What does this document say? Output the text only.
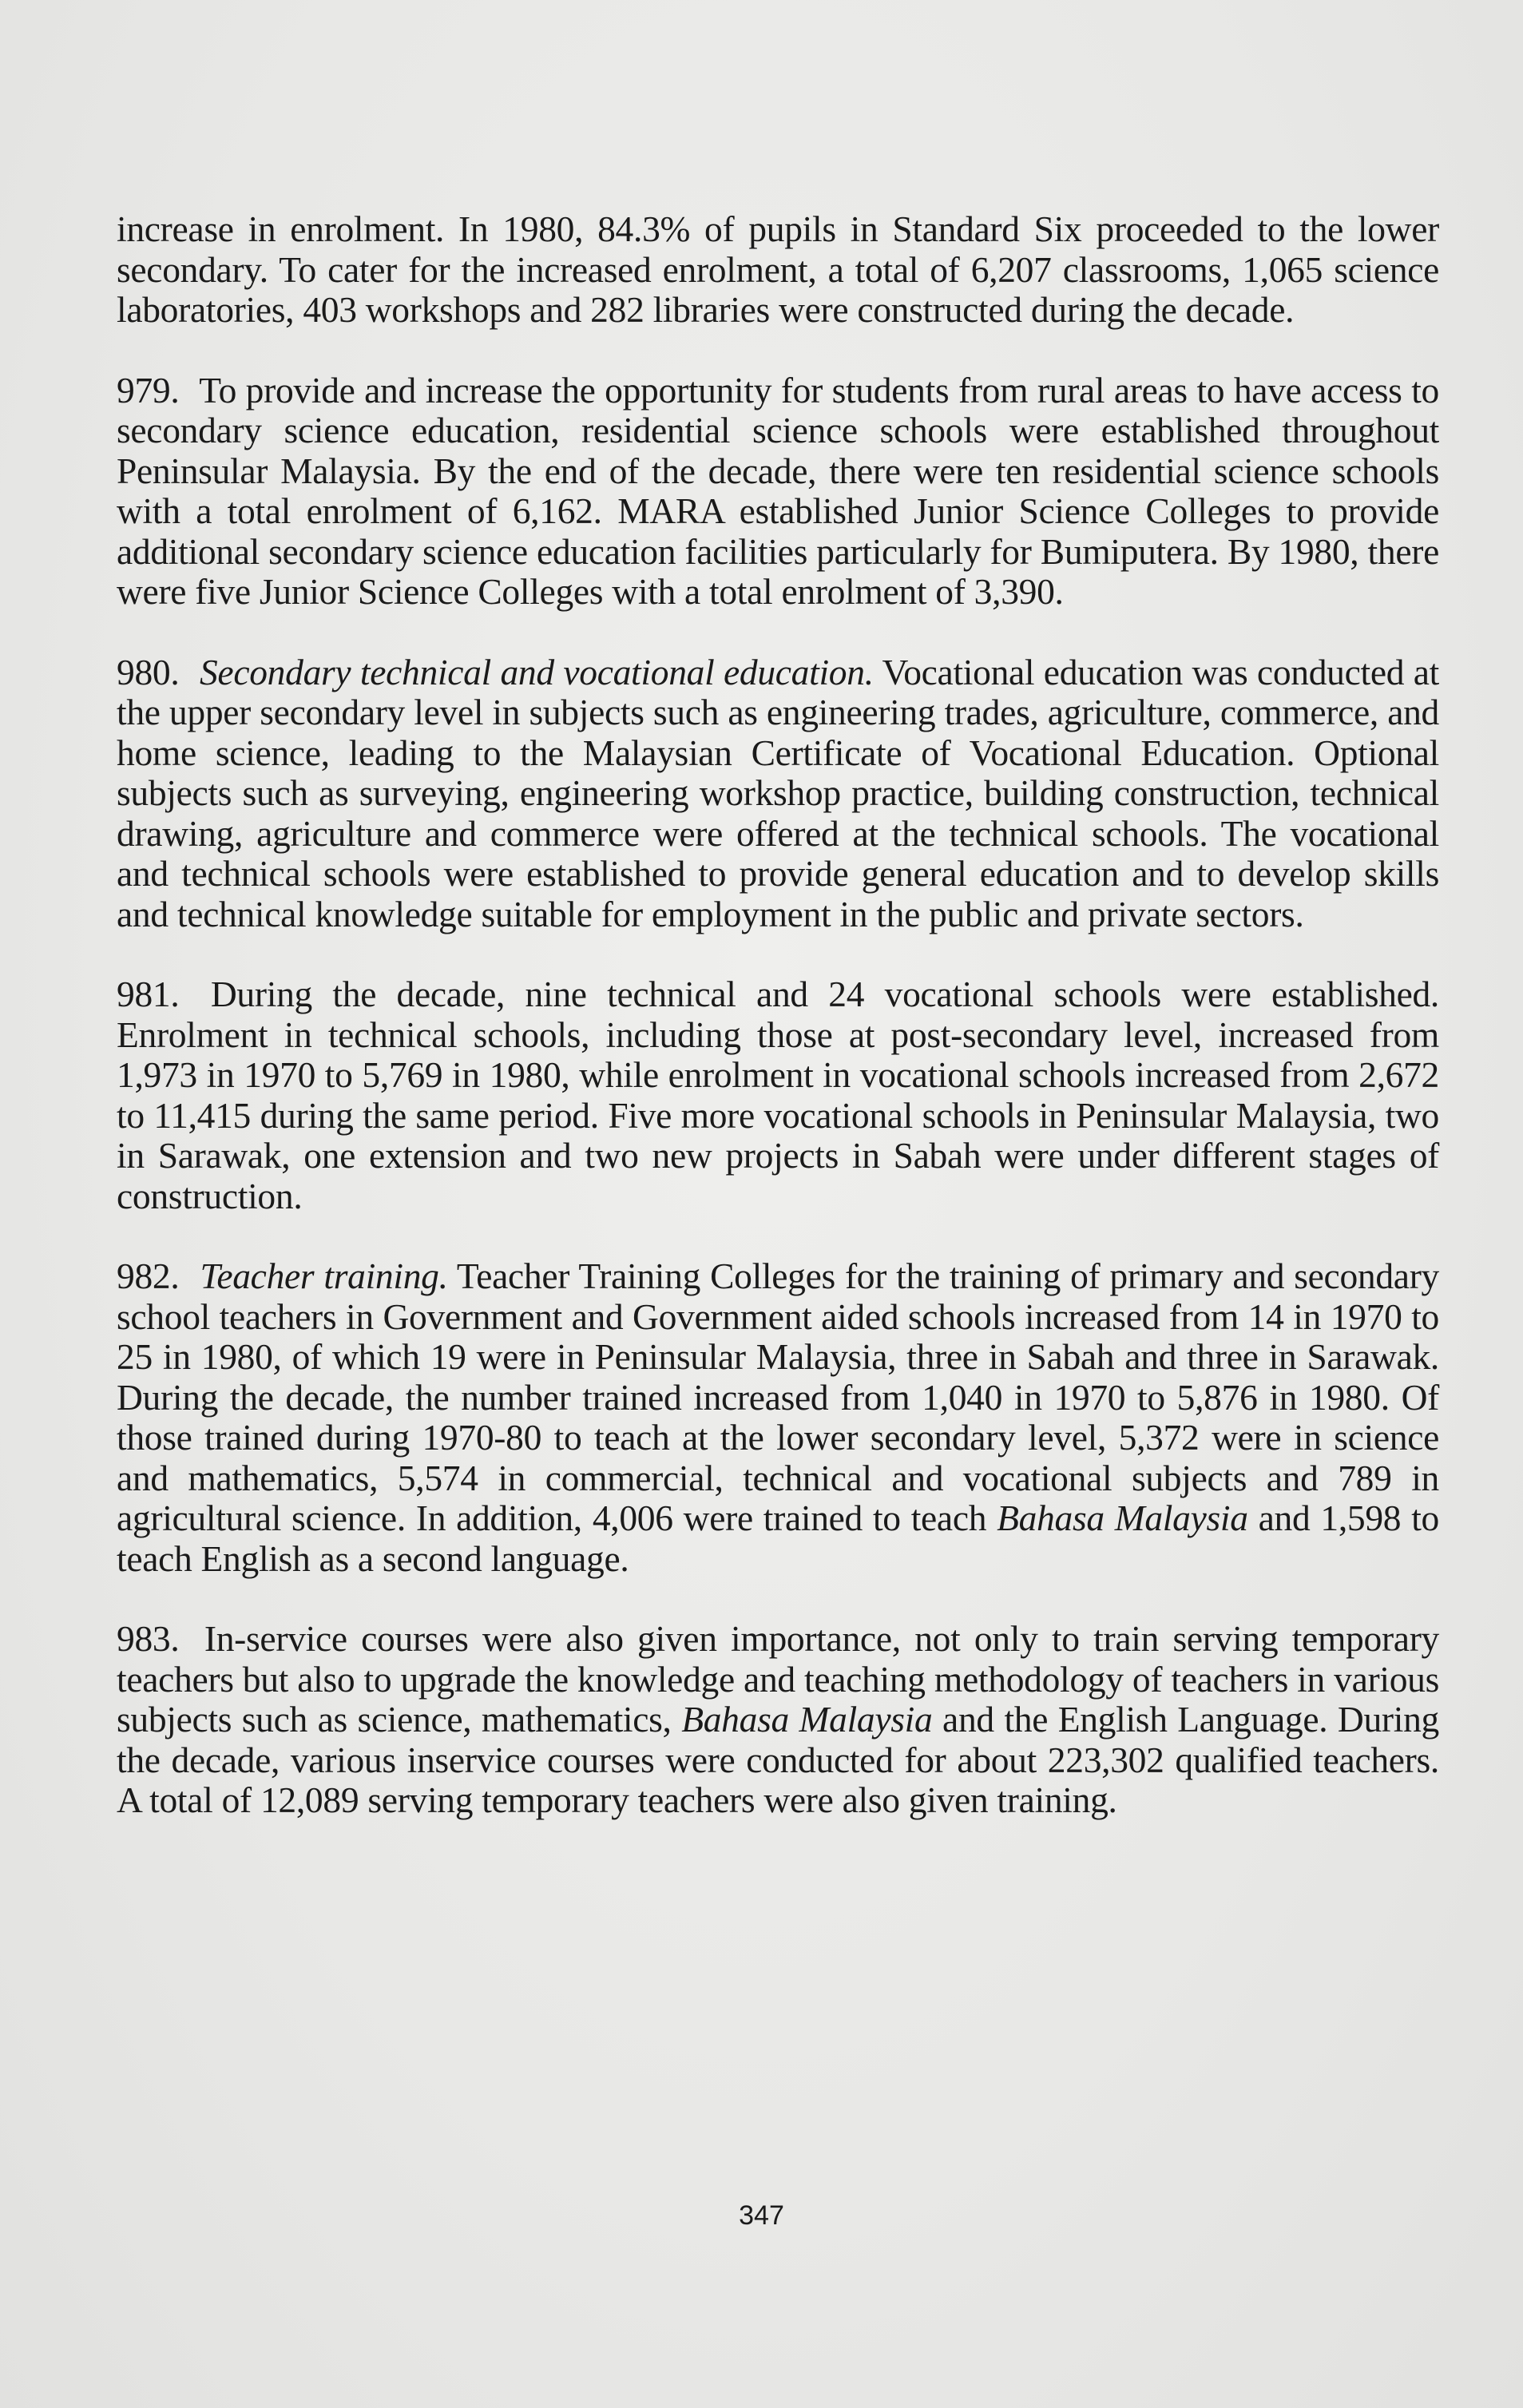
increase in enrolment. In 1980, 84.3% of pupils in Standard Six proceeded to the lower secondary. To cater for the increased enrolment, a total of 6,207 classrooms, 1,065 science laboratories, 403 workshops and 282 libraries were constructed during the decade.

979. To provide and increase the opportunity for students from rural areas to have access to secondary science education, residential science schools were established throughout Peninsular Malaysia. By the end of the decade, there were ten residential science schools with a total enrolment of 6,162. MARA established Junior Science Colleges to provide additional secondary science education facilities particularly for Bumiputera. By 1980, there were five Junior Science Colleges with a total enrolment of 3,390.

980. Secondary technical and vocational education. Vocational education was conducted at the upper secondary level in subjects such as engineering trades, agriculture, commerce, and home science, leading to the Malaysian Certificate of Vocational Education. Optional subjects such as surveying, engineering workshop practice, building construction, technical drawing, agriculture and commerce were offered at the technical schools. The vocational and technical schools were established to provide general education and to develop skills and technical knowledge suitable for employment in the public and private sectors.

981. During the decade, nine technical and 24 vocational schools were established. Enrolment in technical schools, including those at post-secondary level, increased from 1,973 in 1970 to 5,769 in 1980, while enrolment in vocational schools increased from 2,672 to 11,415 during the same period. Five more vocational schools in Peninsular Malaysia, two in Sarawak, one extension and two new projects in Sabah were under different stages of construction.

982. Teacher training. Teacher Training Colleges for the training of primary and secondary school teachers in Government and Government aided schools increased from 14 in 1970 to 25 in 1980, of which 19 were in Peninsular Malaysia, three in Sabah and three in Sarawak. During the decade, the number trained increased from 1,040 in 1970 to 5,876 in 1980. Of those trained during 1970-80 to teach at the lower secondary level, 5,372 were in science and mathematics, 5,574 in commercial, technical and vocational subjects and 789 in agricultural science. In addition, 4,006 were trained to teach Bahasa Malaysia and 1,598 to teach English as a second language.

983. In-service courses were also given importance, not only to train serving temporary teachers but also to upgrade the knowledge and teaching methodology of teachers in various subjects such as science, mathematics, Bahasa Malaysia and the English Language. During the decade, various inservice courses were conducted for about 223,302 qualified teachers. A total of 12,089 serving temporary teachers were also given training.

347
